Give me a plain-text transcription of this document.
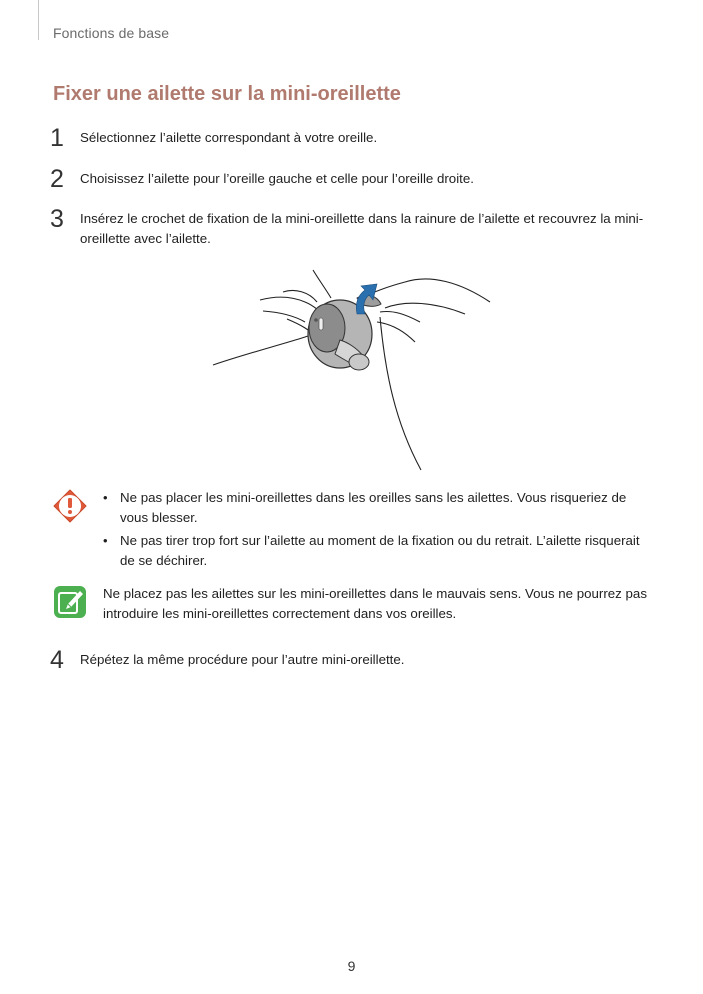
Fonctions de base
Fixer une ailette sur la mini-oreillette
1	Sélectionnez l’ailette correspondant à votre oreille.
2	Choisissez l’ailette pour l’oreille gauche et celle pour l’oreille droite.
3	Insérez le crochet de fixation de la mini-oreillette dans la rainure de l’ailette et recouvrez la mini-oreillette avec l’ailette.
• Ne pas placer les mini-oreillettes dans les oreilles sans les ailettes. Vous risqueriez de vous blesser.
• Ne pas tirer trop fort sur l’ailette au moment de la fixation ou du retrait. L’ailette risquerait de se déchirer.
Ne placez pas les ailettes sur les mini-oreillettes dans le mauvais sens. Vous ne pourrez pas introduire les mini-oreillettes correctement dans vos oreilles.
4	Répétez la même procédure pour l’autre mini-oreillette.
9
